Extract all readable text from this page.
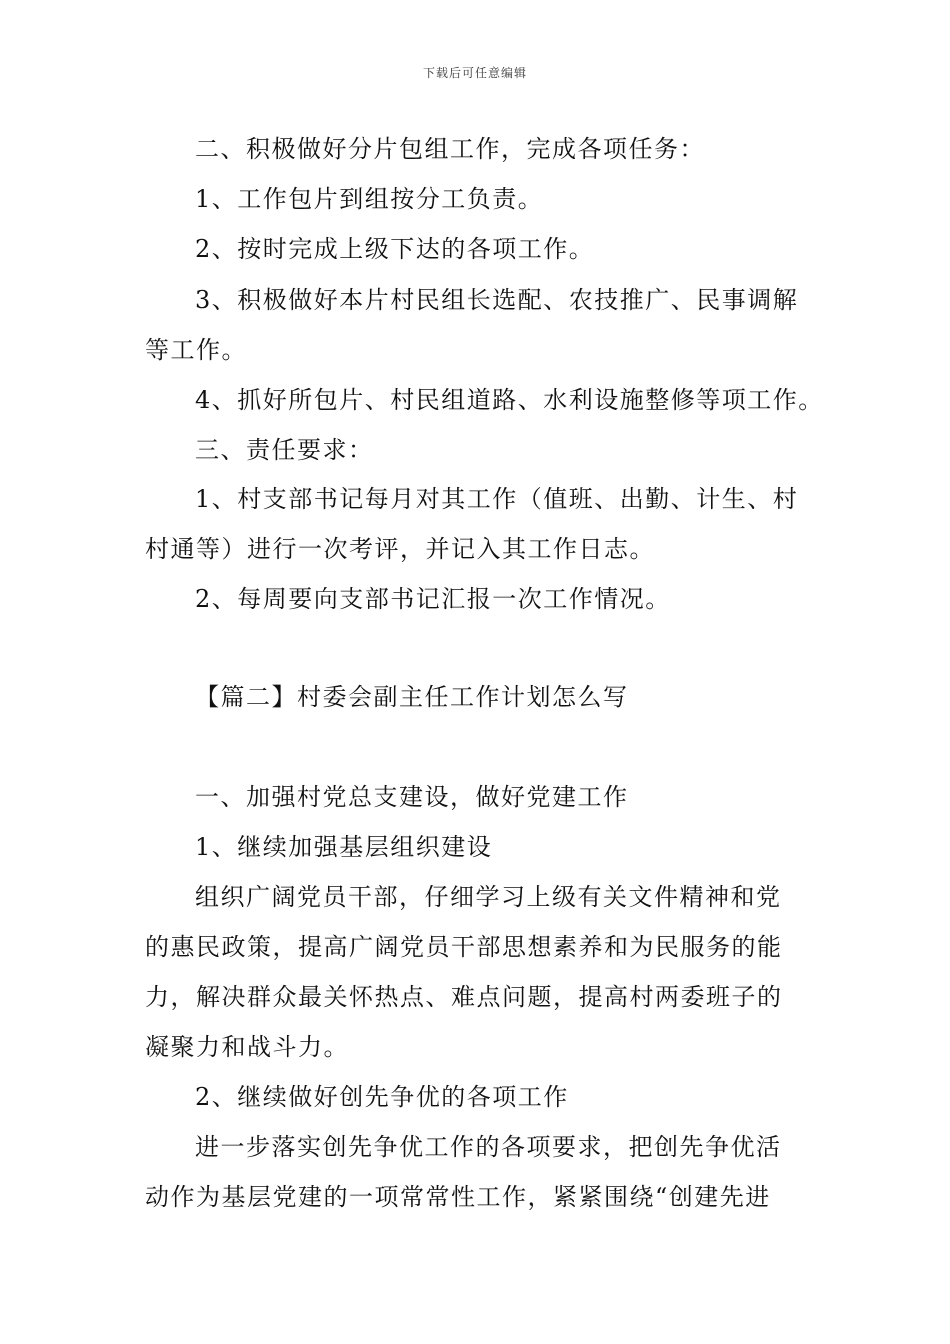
下载后可任意编辑
二、积极做好分片包组工作，完成各项任务：
1、工作包片到组按分工负责。
2、按时完成上级下达的各项工作。
3、积极做好本片村民组长选配、农技推广、民事调解
等工作。
4、抓好所包片、村民组道路、水利设施整修等项工作。
三、责任要求：
1、村支部书记每月对其工作（值班、出勤、计生、村
村通等）进行一次考评，并记入其工作日志。
2、每周要向支部书记汇报一次工作情况。
【篇二】村委会副主任工作计划怎么写
一、加强村党总支建设，做好党建工作
1、继续加强基层组织建设
组织广阔党员干部，仔细学习上级有关文件精神和党
的惠民政策，提高广阔党员干部思想素养和为民服务的能
力，解决群众最关怀热点、难点问题，提高村两委班子的
凝聚力和战斗力。
2、继续做好创先争优的各项工作
进一步落实创先争优工作的各项要求，把创先争优活
动作为基层党建的一项常常性工作，紧紧围绕“创建先进
